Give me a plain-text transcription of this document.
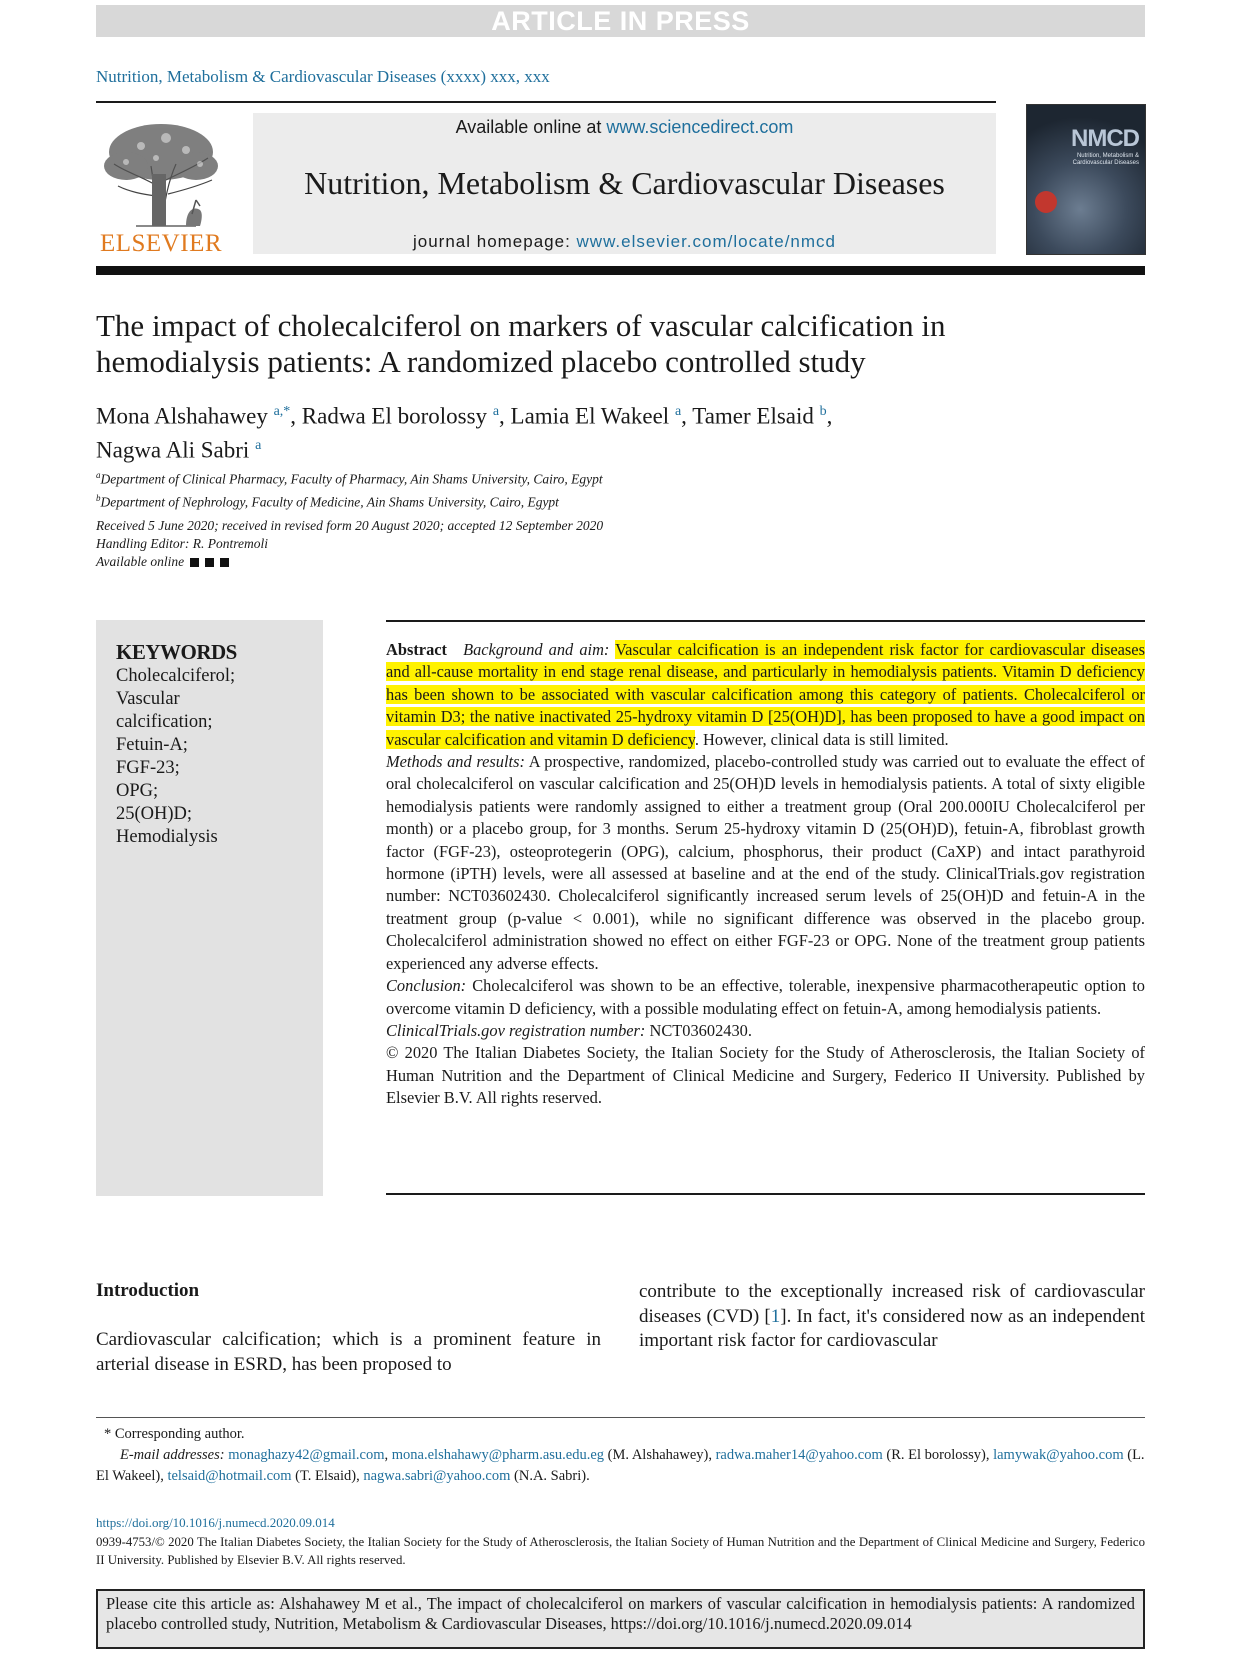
ARTICLE IN PRESS
Nutrition, Metabolism & Cardiovascular Diseases (xxxx) xxx, xxx
ELSEVIER
Available online at www.sciencedirect.com
Nutrition, Metabolism & Cardiovascular Diseases
journal homepage: www.elsevier.com/locate/nmcd
NMCD
Nutrition, Metabolism & Cardiovascular Diseases
The impact of cholecalciferol on markers of vascular calcification in hemodialysis patients: A randomized placebo controlled study
Mona Alshahawey $^{a,*}$, Radwa El borolossy $^a$, Lamia El Wakeel $^a$, Tamer Elsaid $^b$,
Nagwa Ali Sabri $^a$
$^a$Department of Clinical Pharmacy, Faculty of Pharmacy, Ain Shams University, Cairo, Egypt
$^b$Department of Nephrology, Faculty of Medicine, Ain Shams University, Cairo, Egypt
Received 5 June 2020; received in revised form 20 August 2020; accepted 12 September 2020
Handling Editor: R. Pontremoli
Available online
KEYWORDS
Cholecalciferol;
Vascular
calcification;
Fetuin-A;
FGF-23;
OPG;
25(OH)D;
Hemodialysis

Abstract Background and aim: Vascular calcification is an independent risk factor for cardiovascular diseases and all-cause mortality in end stage renal disease, and particularly in hemodialysis patients. Vitamin D deficiency has been shown to be associated with vascular calcification among this category of patients. Cholecalciferol or vitamin D3; the native inactivated 25-hydroxy vitamin D [25(OH)D], has been proposed to have a good impact on vascular calcification and vitamin D deficiency. However, clinical data is still limited.

Methods and results: A prospective, randomized, placebo-controlled study was carried out to evaluate the effect of oral cholecalciferol on vascular calcification and 25(OH)D levels in hemodialysis patients. A total of sixty eligible hemodialysis patients were randomly assigned to either a treatment group (Oral 200.000IU Cholecalciferol per month) or a placebo group, for 3 months. Serum 25-hydroxy vitamin D (25(OH)D), fetuin-A, fibroblast growth factor (FGF-23), osteoprotegerin (OPG), calcium, phosphorus, their product (CaXP) and intact parathyroid hormone (iPTH) levels, were all assessed at baseline and at the end of the study. ClinicalTrials.gov registration number: NCT03602430. Cholecalciferol significantly increased serum levels of 25(OH)D and fetuin-A in the treatment group (p-value < 0.001), while no significant difference was observed in the placebo group. Cholecalciferol administration showed no effect on either FGF-23 or OPG. None of the treatment group patients experienced any adverse effects.

Conclusion: Cholecalciferol was shown to be an effective, tolerable, inexpensive pharmacotherapeutic option to overcome vitamin D deficiency, with a possible modulating effect on fetuin-A, among hemodialysis patients.

ClinicalTrials.gov registration number: NCT03602430.

© 2020 The Italian Diabetes Society, the Italian Society for the Study of Atherosclerosis, the Italian Society of Human Nutrition and the Department of Clinical Medicine and Surgery, Federico II University. Published by Elsevier B.V. All rights reserved.

Introduction
Cardiovascular calcification; which is a prominent feature in arterial disease in ESRD, has been proposed to
contribute to the exceptionally increased risk of cardiovascular diseases (CVD) [1]. In fact, it's considered now as an independent important risk factor for cardiovascular
* Corresponding author.
E-mail addresses: monaghazy42@gmail.com, mona.elshahawy@pharm.asu.edu.eg (M. Alshahawey), radwa.maher14@yahoo.com (R. El borolossy), lamywak@yahoo.com (L. El Wakeel), telsaid@hotmail.com (T. Elsaid), nagwa.sabri@yahoo.com (N.A. Sabri).
https://doi.org/10.1016/j.numecd.2020.09.014
0939-4753/© 2020 The Italian Diabetes Society, the Italian Society for the Study of Atherosclerosis, the Italian Society of Human Nutrition and the Department of Clinical Medicine and Surgery, Federico II University. Published by Elsevier B.V. All rights reserved.
Please cite this article as: Alshahawey M et al., The impact of cholecalciferol on markers of vascular calcification in hemodialysis patients: A randomized placebo controlled study, Nutrition, Metabolism & Cardiovascular Diseases, https://doi.org/10.1016/j.numecd.2020.09.014
